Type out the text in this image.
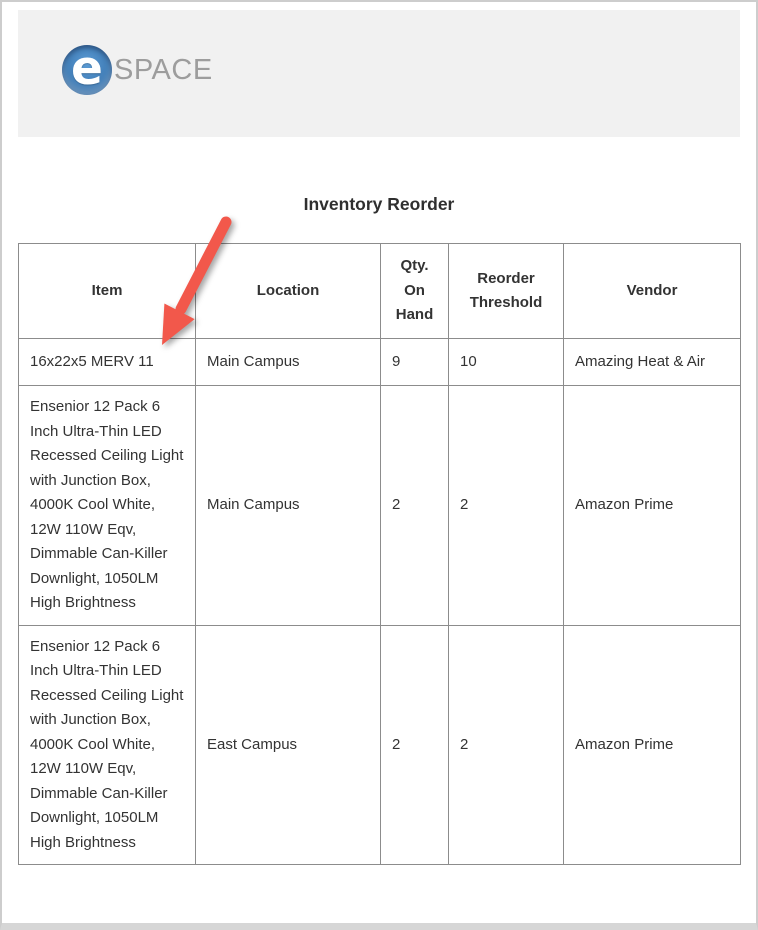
e SPACE
Inventory Reorder
Item	Location	Qty. On Hand	Reorder Threshold	Vendor
16x22x5 MERV 11	Main Campus	9	10	Amazing Heat & Air
Ensenior 12 Pack 6 Inch Ultra-Thin LED Recessed Ceiling Light with Junction Box, 4000K Cool White, 12W 110W Eqv, Dimmable Can-Killer Downlight, 1050LM High Brightness	Main Campus	2	2	Amazon Prime
Ensenior 12 Pack 6 Inch Ultra-Thin LED Recessed Ceiling Light with Junction Box, 4000K Cool White, 12W 110W Eqv, Dimmable Can-Killer Downlight, 1050LM High Brightness	East Campus	2	2	Amazon Prime
